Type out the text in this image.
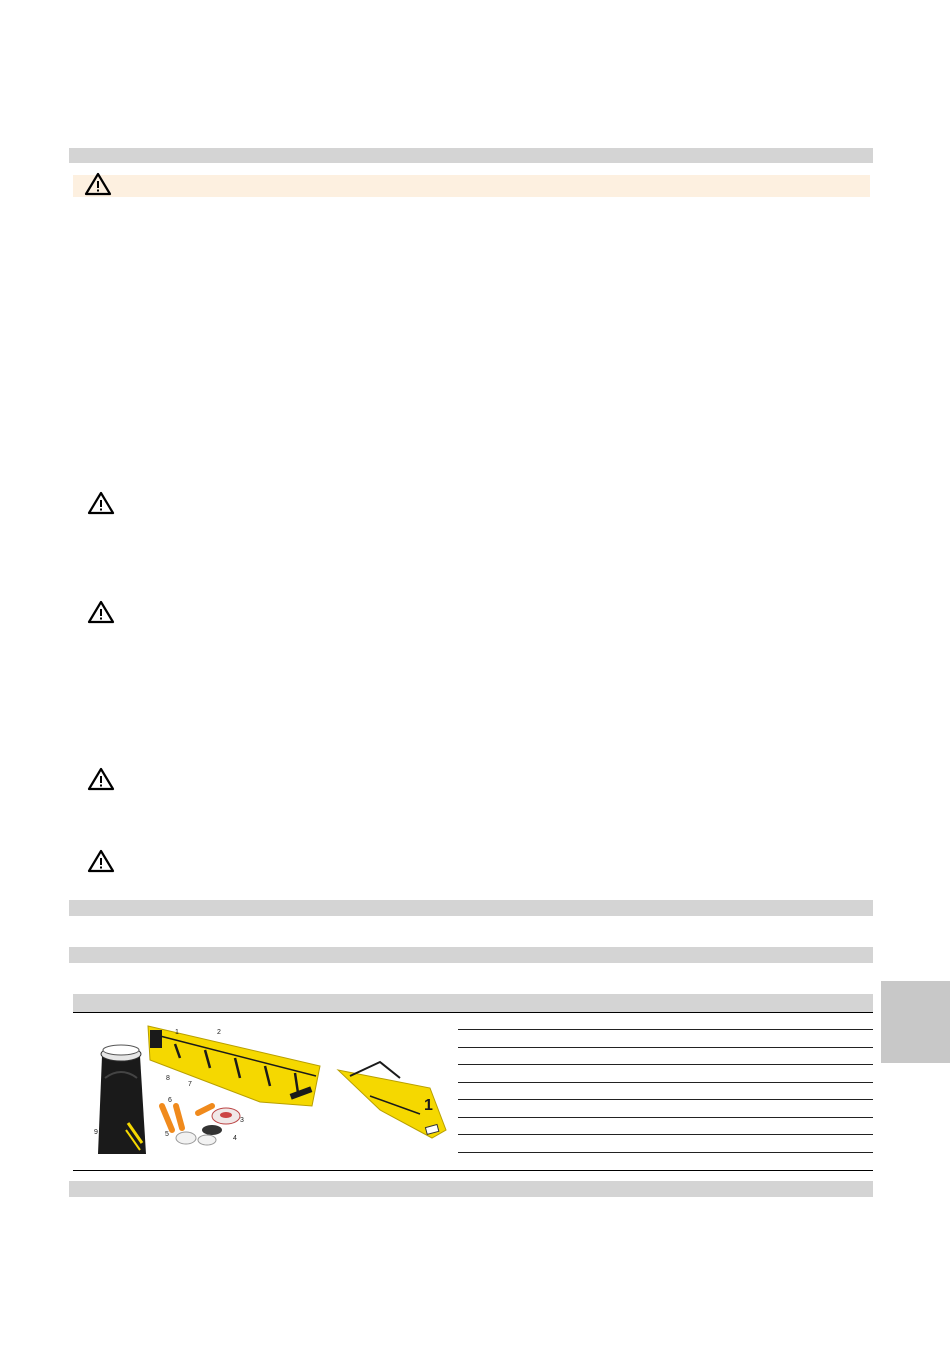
1
1	2
3
4
5
6
7
8
9
